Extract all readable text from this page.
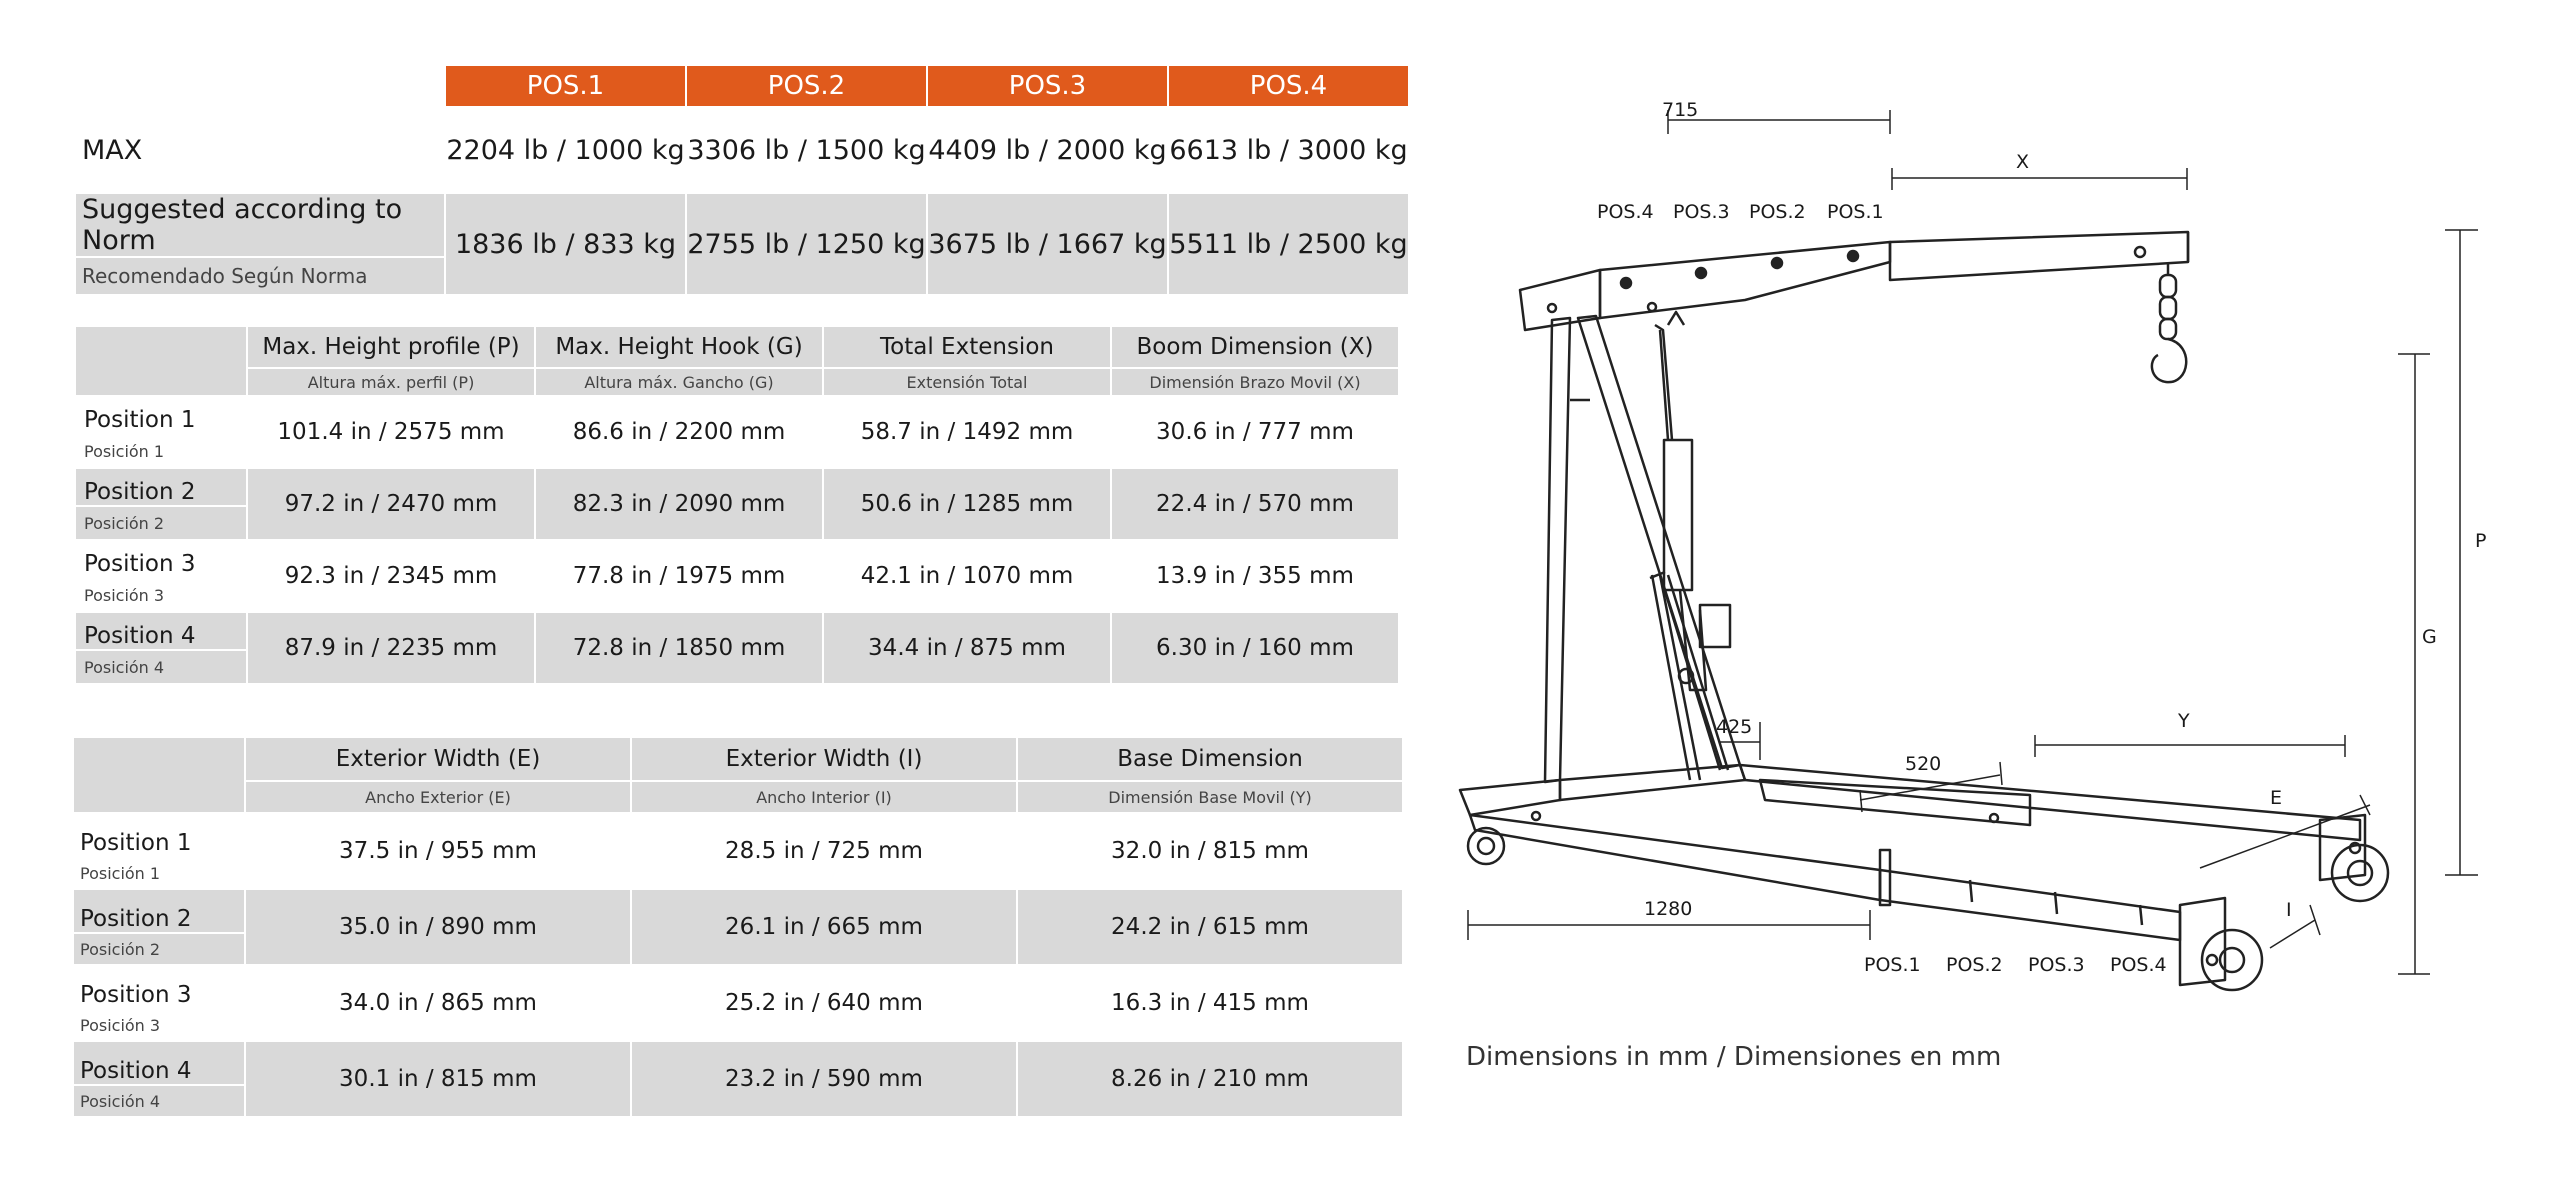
	POS.1	POS.2	POS.3	POS.4
MAX	2204 lb / 1000 kg	3306 lb / 1500 kg	4409 lb / 2000 kg	6613 lb / 3000 kg
Suggested according to Norm	1836 lb / 833 kg	2755 lb / 1250 kg	3675 lb / 1667 kg	5511 lb / 2500 kg
Recomendado Según Norma				
	Max. Height profile (P)	Max. Height Hook (G)	Total Extension	Boom Dimension (X)
	Altura máx. perfil (P)	Altura máx. Gancho (G)	Extensión Total	Dimensión Brazo Movil (X)
Position 1	101.4 in / 2575 mm	86.6 in / 2200 mm	58.7 in / 1492 mm	30.6 in / 777 mm
Posición 1				
Position 2	97.2 in / 2470 mm	82.3 in / 2090 mm	50.6 in / 1285 mm	22.4 in / 570 mm
Posición 2				
Position 3	92.3 in / 2345 mm	77.8 in / 1975 mm	42.1 in / 1070 mm	13.9 in / 355 mm
Posición 3				
Position 4	87.9 in / 2235 mm	72.8 in / 1850 mm	34.4 in / 875 mm	6.30 in / 160 mm
Posición 4				
	Exterior Width (E)	Exterior Width (I)	Base Dimension
	Ancho Exterior (E)	Ancho Interior (I)	Dimensión Base Movil (Y)
Position 1	37.5 in / 955 mm	28.5 in / 725 mm	32.0 in / 815 mm
Posición 1			
Position 2	35.0 in / 890 mm	26.1 in / 665 mm	24.2 in / 615 mm
Posición 2			
Position 3	34.0 in / 865 mm	25.2 in / 640 mm	16.3 in / 415 mm
Posición 3			
Position 4	30.1 in / 815 mm	23.2 in / 590 mm	8.26 in / 210 mm
Posición 4			
715
X
POS.4 POS.3 POS.2 POS.1
P
G
425
520
Y
E
1280	I
POS.1 POS.2 POS.3 POS.4
Dimensions in mm / Dimensiones en mm
